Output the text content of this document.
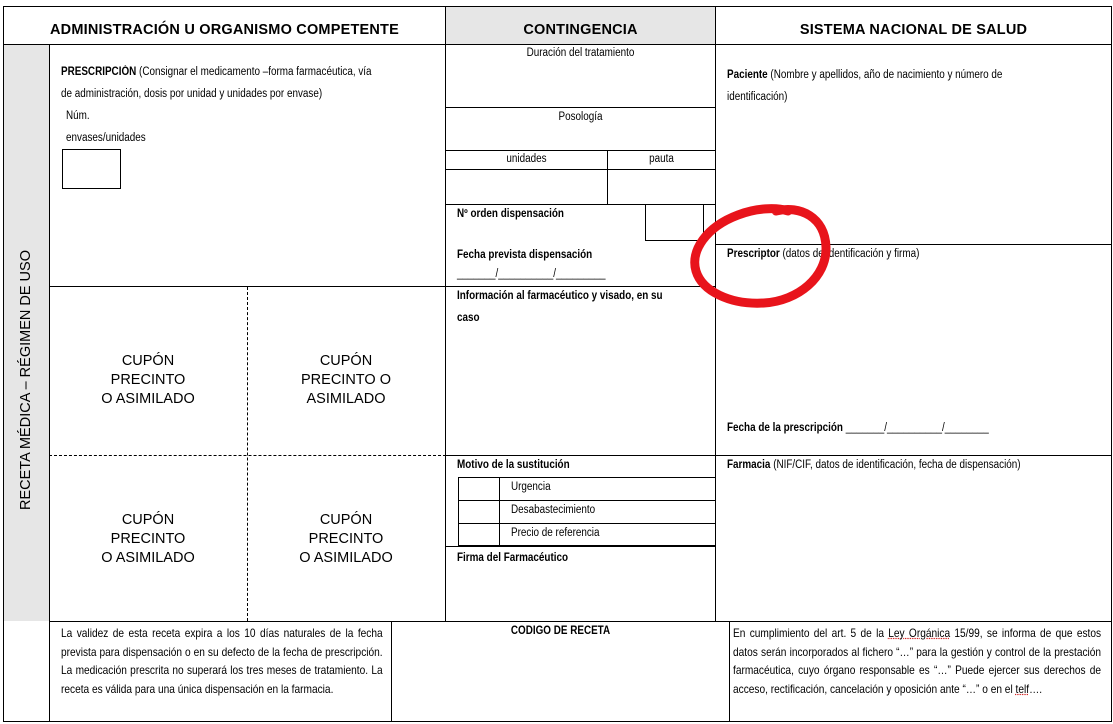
ADMINISTRACIÓN U ORGANISMO COMPETENTE	CONTINGENCIA	SISTEMA NACIONAL DE SALUD
RECETA MÉDICA – RÉGIMEN DE USO
PRESCRIPCIÓN (Consignar el medicamento –forma farmacéutica, vía
de administración, dosis por unidad y unidades por envase)
Núm.
envases/unidades
CUPÓN
PRECINTO
O ASIMILADO
CUPÓN
PRECINTO O
ASIMILADO
CUPÓN
PRECINTO
O ASIMILADO
CUPÓN
PRECINTO
O ASIMILADO
Duración del tratamiento
Posología
unidades	pauta
Nº orden dispensación
Fecha prevista dispensación
_______/__________/_________
Información al farmacéutico y visado, en su
caso
Motivo de la sustitución
Urgencia
Desabastecimiento
Precio de referencia
Firma del Farmacéutico
Paciente (Nombre y apellidos, año de nacimiento y número de
identificación)
Prescriptor (datos de identificación y firma)
Fecha de la prescripción _______/__________/________
Farmacia (NIF/CIF, datos de identificación, fecha de dispensación)
La validez de esta receta expira a los 10 días naturales de la fecha prevista para dispensación o en su defecto de la fecha de prescripción. La medicación prescrita no superará los tres meses de tratamiento. La receta es válida para una única dispensación en la farmacia.
CODIGO DE RECETA	En cumplimiento del art. 5 de la Ley Orgánica 15/99, se informa de que estos datos serán incorporados al fichero “…” para la gestión y control de la prestación farmacéutica, cuyo órgano responsable es “…” Puede ejercer sus derechos de acceso, rectificación, cancelación y oposición ante “…” o en el telf….
